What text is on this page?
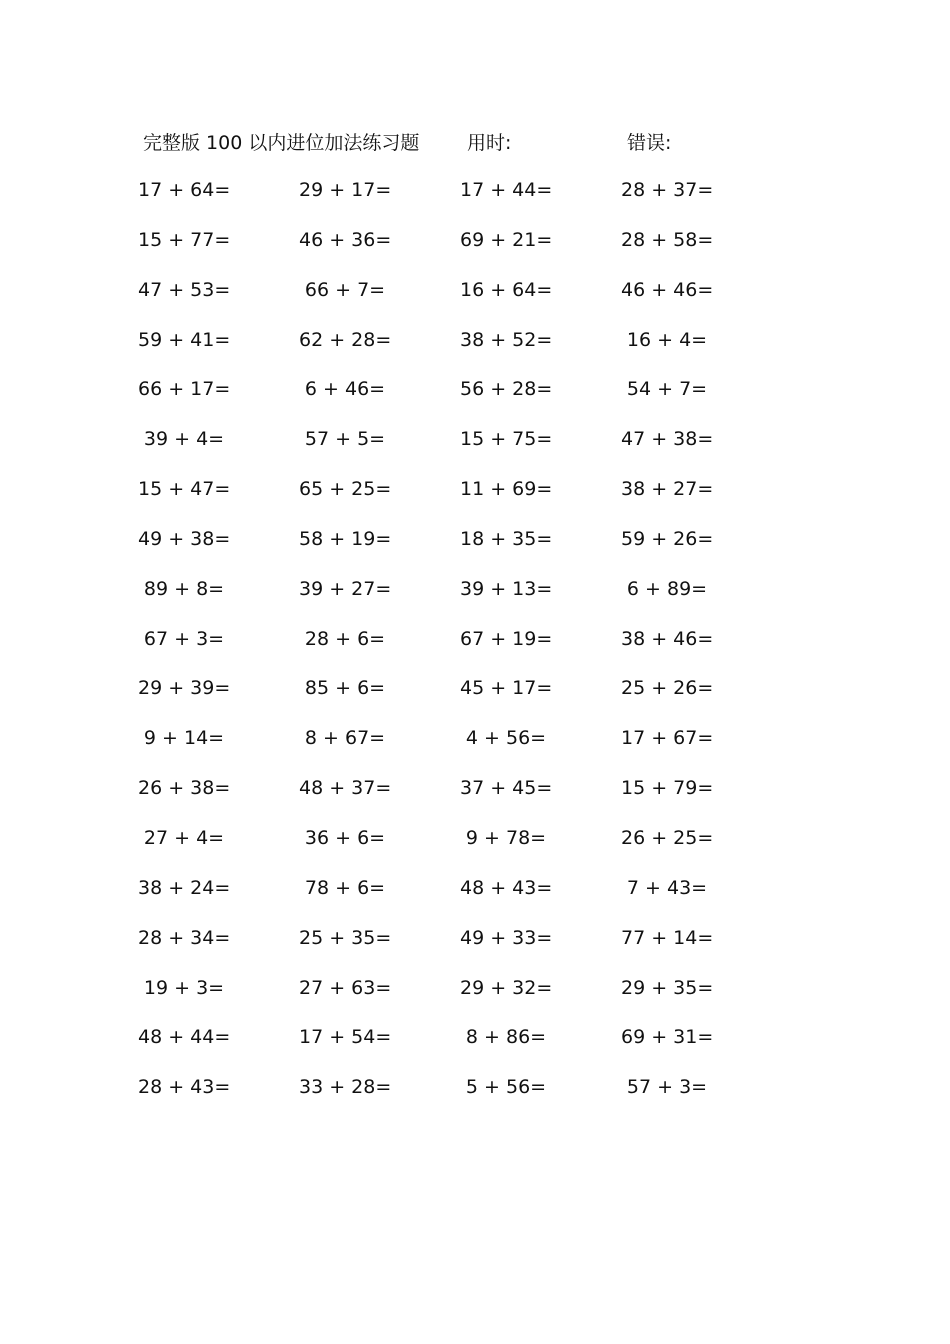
完整版 100 以内进位加法练习题	用时:	错误:
17 + 64=	29 + 17=	17 + 44=	28 + 37=
15 + 77=	46 + 36=	69 + 21=	28 + 58=
47 + 53=	66 + 7=	16 + 64=	46 + 46=
59 + 41=	62 + 28=	38 + 52=	16 + 4=
66 + 17=	6 + 46=	56 + 28=	54 + 7=
39 + 4=	57 + 5=	15 + 75=	47 + 38=
15 + 47=	65 + 25=	11 + 69=	38 + 27=
49 + 38=	58 + 19=	18 + 35=	59 + 26=
89 + 8=	39 + 27=	39 + 13=	6 + 89=
67 + 3=	28 + 6=	67 + 19=	38 + 46=
29 + 39=	85 + 6=	45 + 17=	25 + 26=
9 + 14=	8 + 67=	4 + 56=	17 + 67=
26 + 38=	48 + 37=	37 + 45=	15 + 79=
27 + 4=	36 + 6=	9 + 78=	26 + 25=
38 + 24=	78 + 6=	48 + 43=	7 + 43=
28 + 34=	25 + 35=	49 + 33=	77 + 14=
19 + 3=	27 + 63=	29 + 32=	29 + 35=
48 + 44=	17 + 54=	8 + 86=	69 + 31=
28 + 43=	33 + 28=	5 + 56=	57 + 3=
